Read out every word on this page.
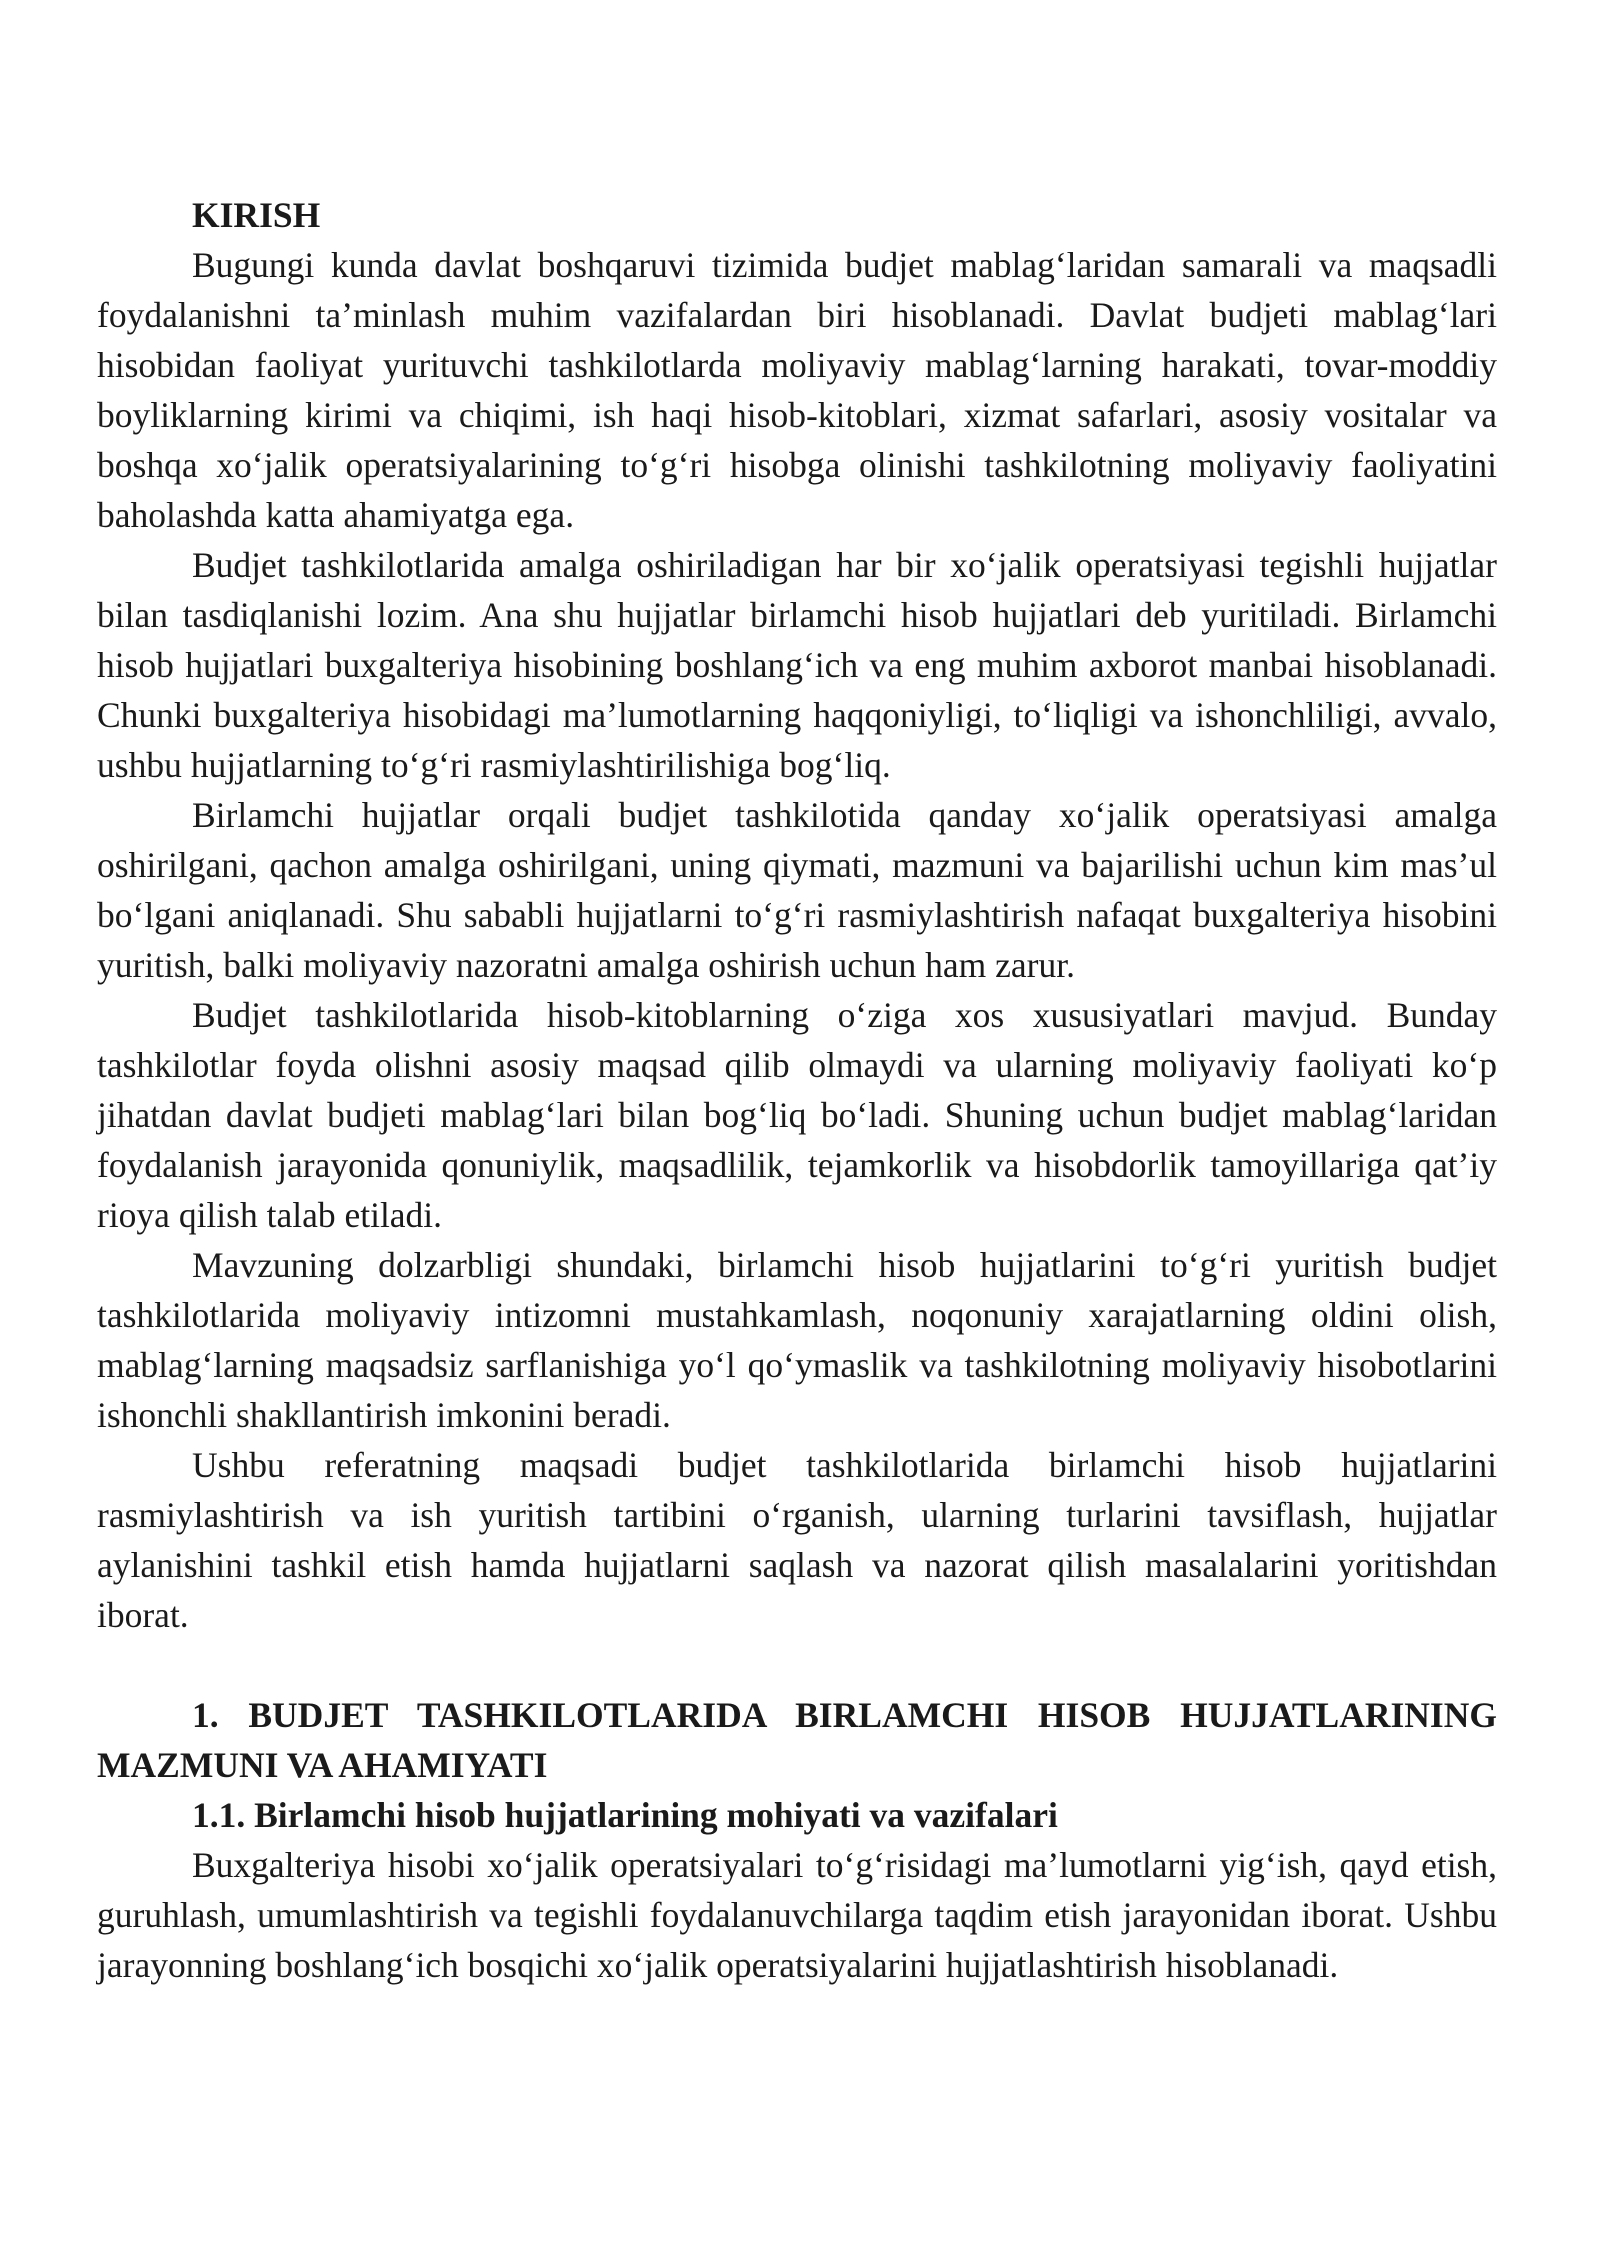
KIRISH

Bugungi kunda davlat boshqaruvi tizimida budjet mablag‘laridan samarali va maqsadli foydalanishni ta’minlash muhim vazifalardan biri hisoblanadi. Davlat budjeti mablag‘lari hisobidan faoliyat yurituvchi tashkilotlarda moliyaviy mablag‘larning harakati, tovar-moddiy boyliklarning kirimi va chiqimi, ish haqi hisob-kitoblari, xizmat safarlari, asosiy vositalar va boshqa xo‘jalik operatsiyalarining to‘g‘ri hisobga olinishi tashkilotning moliyaviy faoliyatini baholashda katta ahamiyatga ega.

Budjet tashkilotlarida amalga oshiriladigan har bir xo‘jalik operatsiyasi tegishli hujjatlar bilan tasdiqlanishi lozim. Ana shu hujjatlar birlamchi hisob hujjatlari deb yuritiladi. Birlamchi hisob hujjatlari buxgalteriya hisobining boshlang‘ich va eng muhim axborot manbai hisoblanadi. Chunki buxgalteriya hisobidagi ma’lumotlarning haqqoniyligi, to‘liqligi va ishonchliligi, avvalo, ushbu hujjatlarning to‘g‘ri rasmiylashtirilishiga bog‘liq.

Birlamchi hujjatlar orqali budjet tashkilotida qanday xo‘jalik operatsiyasi amalga oshirilgani, qachon amalga oshirilgani, uning qiymati, mazmuni va bajarilishi uchun kim mas’ul bo‘lgani aniqlanadi. Shu sababli hujjatlarni to‘g‘ri rasmiylashtirish nafaqat buxgalteriya hisobini yuritish, balki moliyaviy nazoratni amalga oshirish uchun ham zarur.

Budjet tashkilotlarida hisob-kitoblarning o‘ziga xos xususiyatlari mavjud. Bunday tashkilotlar foyda olishni asosiy maqsad qilib olmaydi va ularning moliyaviy faoliyati ko‘p jihatdan davlat budjeti mablag‘lari bilan bog‘liq bo‘ladi. Shuning uchun budjet mablag‘laridan foydalanish jarayonida qonuniylik, maqsadlilik, tejamkorlik va hisobdorlik tamoyillariga qat’iy rioya qilish talab etiladi.

Mavzuning dolzarbligi shundaki, birlamchi hisob hujjatlarini to‘g‘ri yuritish budjet tashkilotlarida moliyaviy intizomni mustahkamlash, noqonuniy xarajatlarning oldini olish, mablag‘larning maqsadsiz sarflanishiga yo‘l qo‘ymaslik va tashkilotning moliyaviy hisobotlarini ishonchli shakllantirish imkonini beradi.

Ushbu referatning maqsadi budjet tashkilotlarida birlamchi hisob hujjatlarini rasmiylashtirish va ish yuritish tartibini o‘rganish, ularning turlarini tavsiflash, hujjatlar aylanishini tashkil etish hamda hujjatlarni saqlash va nazorat qilish masalalarini yoritishdan iborat.

1. BUDJET TASHKILOTLARIDA BIRLAMCHI HISOB HUJJATLARINING MAZMUNI VA AHAMIYATI
1.1. Birlamchi hisob hujjatlarining mohiyati va vazifalari

Buxgalteriya hisobi xo‘jalik operatsiyalari to‘g‘risidagi ma’lumotlarni yig‘ish, qayd etish, guruhlash, umumlashtirish va tegishli foydalanuvchilarga taqdim etish jarayonidan iborat. Ushbu jarayonning boshlang‘ich bosqichi xo‘jalik operatsiyalarini hujjatlashtirish hisoblanadi.
